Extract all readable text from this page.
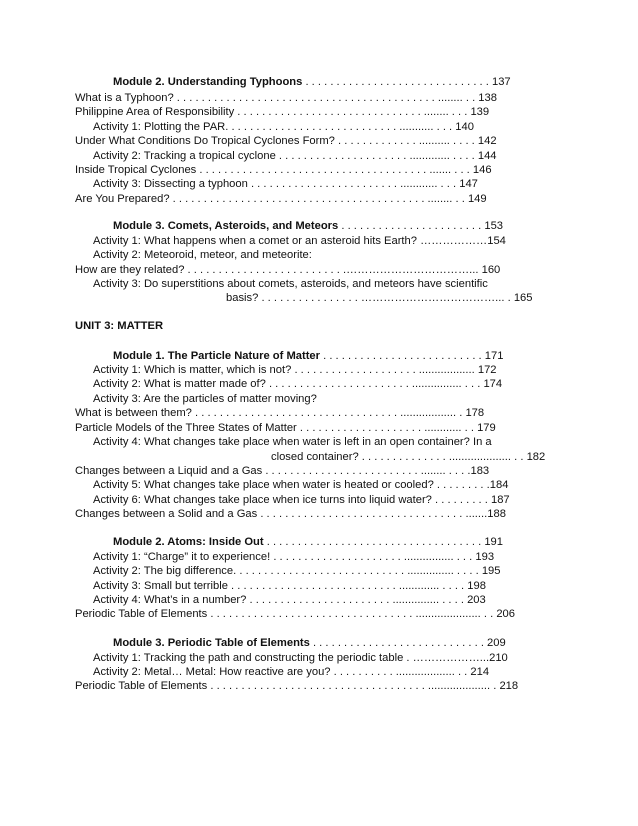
Module 2. Understanding Typhoons . . . . . . . . . . . . . . . . . . . . . . . . . . . . . . 137
What is a Typhoon? . . . . . . . . . . . . . . . . . . . . . . . . . . . . . . . . . . . . . . . . . . ........ . . 138
Philippine Area of Responsibility . . . . . . . . . . . . . . . . . . . . . . . . . . . . . . ........ . . . 139
Activity 1: Plotting the PAR. . . . . . . . . . . . . . . . . . . . . . . . . . . . ........... . . . 140
Under What Conditions Do Tropical Cyclones Form? . . . . . . . . . . . . . .......... . . . . 142
Activity 2: Tracking a tropical cyclone . . . . . . . . . . . . . . . . . . . . . ............. . . . . 144
Inside Tropical Cyclones . . . . . . . . . . . . . . . . . . . . . . . . . . . . . . . . . . . . . ....... . . . 146
Activity 3: Dissecting a typhoon . . . . . . . . . . . . . . . . . . . . . . . . ............ . . . 147
Are You Prepared? . . . . . . . . . . . . . . . . . . . . . . . . . . . . . . . . . . . . . . . . . ........ . . 149
Module 3. Comets, Asteroids, and Meteors . . . . . . . . . . . . . . . . . . . . . . . 153
Activity 1: What happens when a comet or an asteroid hits Earth? ………………154
Activity 2: Meteoroid, meteor, and meteorite:
How are they related? . . . . . . . . . . . . . . . . . . . . . . . . . .……………………………... 160
Activity 3: Do superstitions about comets, asteroids, and meteors have scientific
basis? . . . . . . . . . . . . . . . . ………………………………... . 165
UNIT 3: MATTER
Module 1. The Particle Nature of Matter . . . . . . . . . . . . . . . . . . . . . . . . . . 171
Activity 1: Which is matter, which is not? . . . . . . . . . . . . . . . . . . . . .................. 172
Activity 2: What is matter made of? . . . . . . . . . . . . . . . . . . . . . . . ................ . . . 174
Activity 3: Are the particles of matter moving?
What is between them? . . . . . . . . . . . . . . . . . . . . . . . . . . . . . . . . . .................. . 178
Particle Models of the Three States of Matter . . . . . . . . . . . . . . . . . . . . ............ . . 179
Activity 4: What changes take place when water is left in an open container? In a
closed container? . . . . . . . . . . . . . . .................... . . 182
Changes between a Liquid and a Gas . . . . . . . . . . . . . . . . . . . . . . . . . ........ . . . .183
Activity 5: What changes take place when water is heated or cooled? . . . . . . . . .184
Activity 6: What changes take place when ice turns into liquid water? . . . . . . . . . 187
Changes between a Solid and a Gas . . . . . . . . . . . . . . . . . . . . . . . . . . . . . . . . . .......188
Module 2. Atoms: Inside Out . . . . . . . . . . . . . . . . . . . . . . . . . . . . . . . . . . . 191
Activity 1: “Charge” it to experience! . . . . . . . . . . . . . . . . . . . . . ................ . . . 193
Activity 2: The big difference. . . . . . . . . . . . . . . . . . . . . . . . . . . . ............... . . . . 195
Activity 3: Small but terrible . . . . . . . . . . . . . . . . . . . . . . . . . . . ............. . . . . 198
Activity 4: What’s in a number? . . . . . . . . . . . . . . . . . . . . . . . ............... . . . . 203
Periodic Table of Elements . . . . . . . . . . . . . . . . . . . . . . . . . . . . . . . . . ..................... . . 206
Module 3. Periodic Table of Elements . . . . . . . . . . . . . . . . . . . . . . . . . . . . 209
Activity 1: Tracking the path and constructing the periodic table . ………………...210
Activity 2: Metal… Metal: How reactive are you? . . . . . . . . . . ................... . . 214
Periodic Table of Elements . . . . . . . . . . . . . . . . . . . . . . . . . . . . . . . . . . . .................... . 218
